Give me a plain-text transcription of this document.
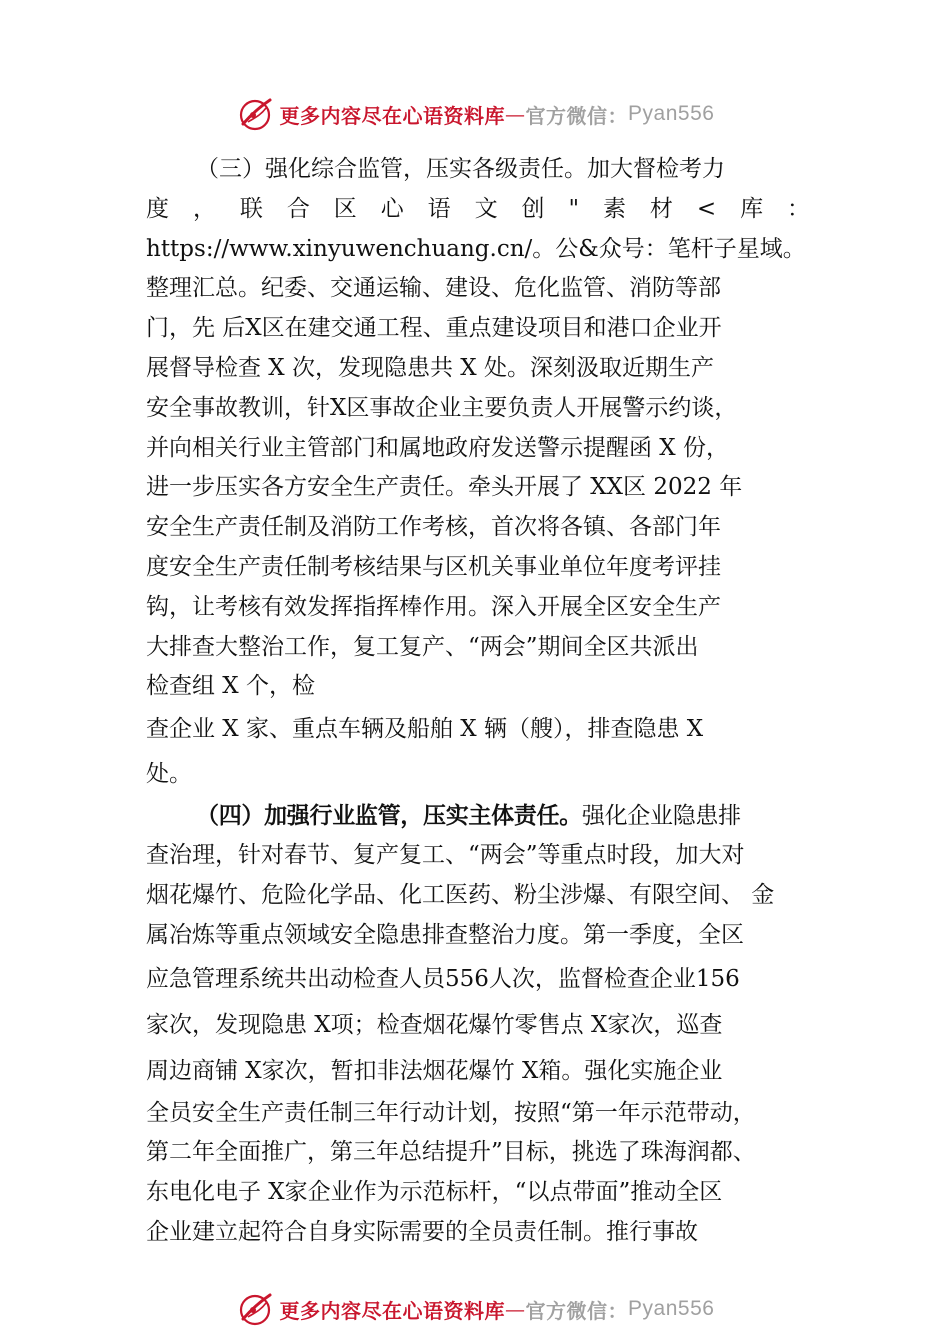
更多内容尽在心语资料库 — 官方微信： Pyan556
（三）强化综合监管，压实各级责任。加大督检考力
度 ， 联 合 区 心 语 文 创 " 素 材 < 库 ：
https://www.xinyuwenchuang.cn/。公&众号：笔杆子星域。
整理汇总。纪委、交通运输、建设、危化监管、消防等部
门，先 后X区在建交通工程、重点建设项目和港口企业开
展督导检查 X 次，发现隐患共 X 处。深刻汲取近期生产
安全事故教训，针X区事故企业主要负责人开展警示约谈，
并向相关行业主管部门和属地政府发送警示提醒函 X 份，
进一步压实各方安全生产责任。牵头开展了 XX区 2022 年
安全生产责任制及消防工作考核，首次将各镇、各部门年
度安全生产责任制考核结果与区机关事业单位年度考评挂
钩，让考核有效发挥指挥棒作用。深入开展全区安全生产
大排查大整治工作，复工复产、“两会”期间全区共派出
检查组 X 个，检
查企业 X 家、重点车辆及船舶 X 辆（艘），排查隐患 X
处。
（四）加强行业监管，压实主体责任。强化企业隐患排
查治理，针对春节、复产复工、“两会”等重点时段，加大对
烟花爆竹、危险化学品、化工医药、粉尘涉爆、有限空间、 金
属冶炼等重点领域安全隐患排查整治力度。第一季度，全区
应急管理系统共出动检查人员556人次，监督检查企业156
家次，发现隐患 X项；检查烟花爆竹零售点 X家次，巡查
周边商铺 X家次，暂扣非法烟花爆竹 X箱。强化实施企业
全员安全生产责任制三年行动计划，按照“第一年示范带动，
第二年全面推广，第三年总结提升”目标，挑选了珠海润都、
东电化电子 X家企业作为示范标杆，“以点带面”推动全区
企业建立起符合自身实际需要的全员责任制。推行事故
更多内容尽在心语资料库 — 官方微信： Pyan556
